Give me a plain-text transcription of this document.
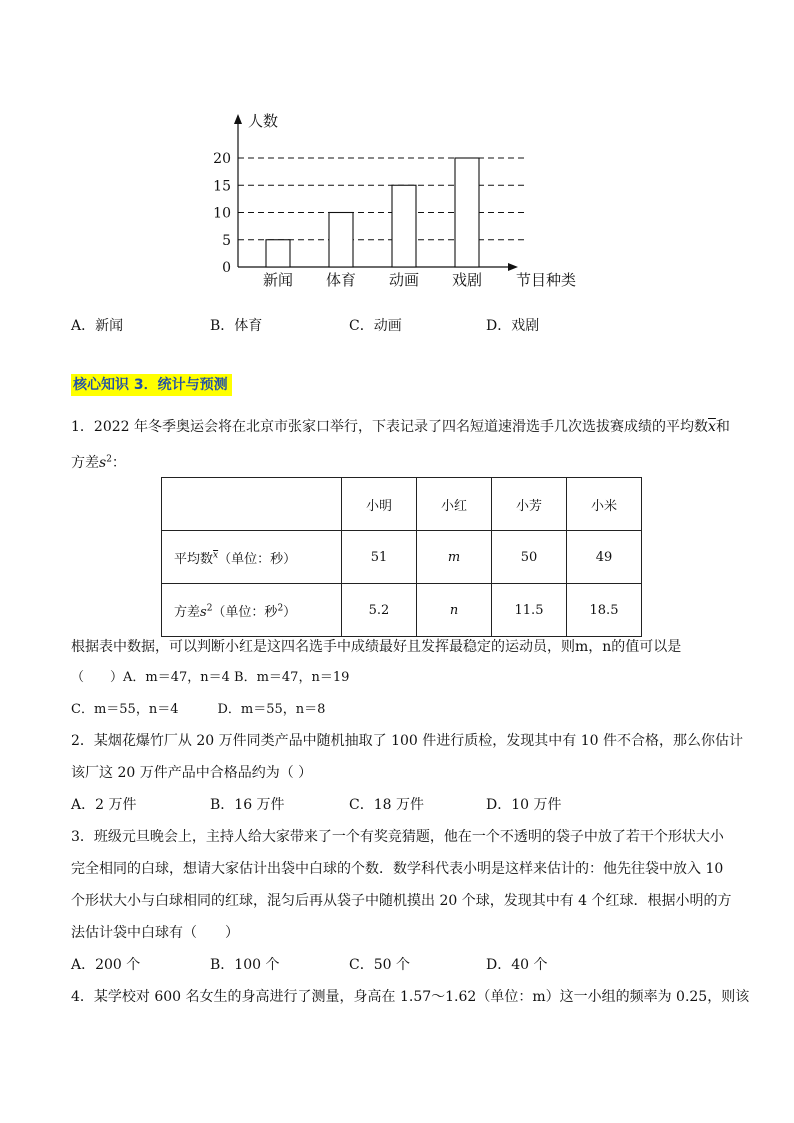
人数
节目种类
0
5
10
15
20
新闻 体育 动画 戏剧
A．新闻	B．体育	C．动画	D．戏剧
核心知识 3．统计与预测
1．2022 年冬季奥运会将在北京市张家口举行，下表记录了四名短道速滑选手几次选拔赛成绩的平均数$\overline{x}$和
方差$s^2$：
	小明	小红	小芳	小米
平均数$^{\overline{x}}$（单位：秒）	51	m	50	49
方差$s^2$（单位：秒$^2$）	5.2	n	11.5	18.5
根据表中数据，可以判断小红是这四名选手中成绩最好且发挥最稳定的运动员，则m，n的值可以是
（　　）A．m＝47，n＝4 B．m＝47，n＝19
C．m＝55，n＝4　　　D．m＝55，n＝8
2．某烟花爆竹厂从 20 万件同类产品中随机抽取了 100 件进行质检，发现其中有 10 件不合格，那么你估计
该厂这 20 万件产品中合格品约为（ ）
A．2 万件	B．16 万件	C．18 万件	D．10 万件
3．班级元旦晚会上，主持人给大家带来了一个有奖竞猜题，他在一个不透明的袋子中放了若干个形状大小
完全相同的白球，想请大家估计出袋中白球的个数．数学科代表小明是这样来估计的：他先往袋中放入 10
个形状大小与白球相同的红球，混匀后再从袋子中随机摸出 20 个球，发现其中有 4 个红球．根据小明的方
法估计袋中白球有（　　）
A．200 个	B．100 个	C．50 个	D．40 个
4．某学校对 600 名女生的身高进行了测量，身高在 1.57～1.62（单位：m）这一小组的频率为 0.25，则该
